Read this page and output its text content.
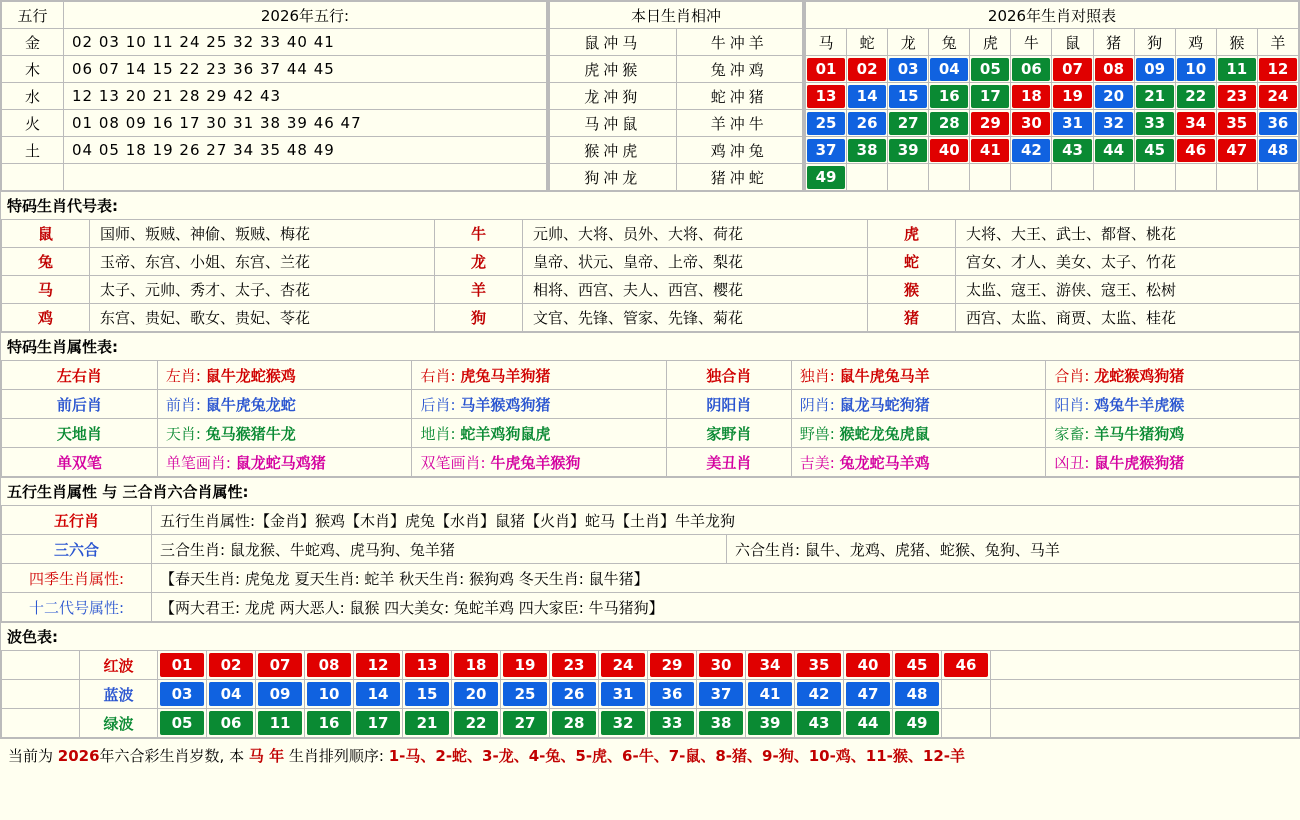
五行	2026年五行:
金	02 03 10 11 24 25 32 33 40 41
木	06 07 14 15 22 23 36 37 44 45
水	12 13 20 21 28 29 42 43
火	01 08 09 16 17 30 31 38 39 46 47
土	04 05 18 19 26 27 34 35 48 49

本日生肖相冲	
鼠冲马	牛冲羊
虎冲猴	兔冲鸡
龙冲狗	蛇冲猪
马冲鼠	羊冲牛
猴冲虎	鸡冲兔
狗冲龙	猪冲蛇
2026年生肖对照表											
马	蛇	龙	兔	虎	牛	鼠	猪	狗	鸡	猴	羊

01	02	03	04	05	06	07	08	09	10	11	12

13	14	15	16	17	18	19	20	21	22	23	24

25	26	27	28	29	30	31	32	33	34	35	36

37	38	39	40	41	42	43	44	45	46	47	48

49											

特码生肖代号表:
鼠	国师、叛贼、神偷、叛贼、梅花	牛	元帅、大将、员外、大将、荷花	虎	大将、大王、武士、都督、桃花
兔	玉帝、东宫、小姐、东宫、兰花	龙	皇帝、状元、皇帝、上帝、梨花	蛇	宫女、才人、美女、太子、竹花
马	太子、元帅、秀才、太子、杏花	羊	相将、西宫、夫人、西宫、樱花	猴	太监、寇王、游侠、寇王、松树
鸡	东宫、贵妃、歌女、贵妃、苓花	狗	文官、先锋、管家、先锋、菊花	猪	西宫、太监、商贾、太监、桂花
特码生肖属性表:
左右肖	左肖: 鼠牛龙蛇猴鸡	右肖: 虎兔马羊狗猪	独合肖	独肖: 鼠牛虎兔马羊	合肖: 龙蛇猴鸡狗猪
前后肖	前肖: 鼠牛虎兔龙蛇	后肖: 马羊猴鸡狗猪	阴阳肖	阴肖: 鼠龙马蛇狗猪	阳肖: 鸡兔牛羊虎猴
天地肖	天肖: 兔马猴猪牛龙	地肖: 蛇羊鸡狗鼠虎	家野肖	野兽: 猴蛇龙兔虎鼠	家畜: 羊马牛猪狗鸡
单双笔	单笔画肖: 鼠龙蛇马鸡猪	双笔画肖: 牛虎兔羊猴狗	美丑肖	吉美: 兔龙蛇马羊鸡	凶丑: 鼠牛虎猴狗猪
五行生肖属性 与 三合肖六合肖属性:
五行肖	五行生肖属性:【金肖】猴鸡【木肖】虎兔【水肖】鼠猪【火肖】蛇马【土肖】牛羊龙狗	
三六合	三合生肖: 鼠龙猴、牛蛇鸡、虎马狗、兔羊猪	六合生肖: 鼠牛、龙鸡、虎猪、蛇猴、兔狗、马羊
四季生肖属性:	【春天生肖: 虎兔龙 夏天生肖: 蛇羊 秋天生肖: 猴狗鸡 冬天生肖: 鼠牛猪】	
十二代号属性:	【两大君王: 龙虎 两大恶人: 鼠猴 四大美女: 兔蛇羊鸡 四大家臣: 牛马猪狗】	
波色表:
	红波	01	02	07	08	12	13	18	19	23	24	29	30	34	35	40	45	46	

	蓝波	03	04	09	10	14	15	20	25	26	31	36	37	41	42	47	48		

	绿波	05	06	11	16	17	21	22	27	28	32	33	38	39	43	44	49		

当前为 2026年六合彩生肖岁数, 本 马 年 生肖排列顺序: 1-马、2-蛇、3-龙、4-兔、5-虎、6-牛、7-鼠、8-猪、9-狗、10-鸡、11-猴、12-羊
